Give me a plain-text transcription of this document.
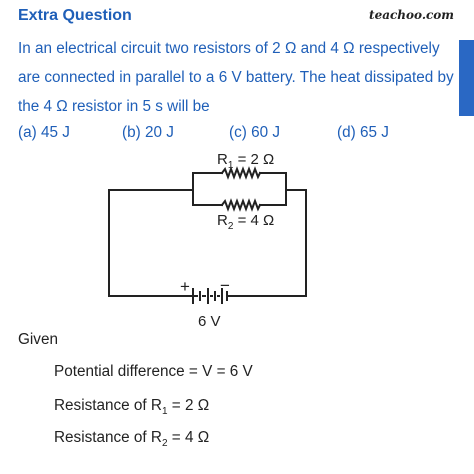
Extra Question	teachoo.com

In an electrical circuit two resistors of 2 Ω and 4 Ω respectively are connected in parallel to a 6 V battery. The heat dissipated by the 4 Ω resistor in 5 s will be

(a) 45 J	(b) 20 J	(c) 60 J	(d) 65 J
$R_1 = 2$ Ω
$R_2 = 4$ Ω
+ −
6 V
Given
Potential difference = V = 6 V
Resistance of $R_1 = 2$ Ω
Resistance of $R_2 = 4$ Ω
